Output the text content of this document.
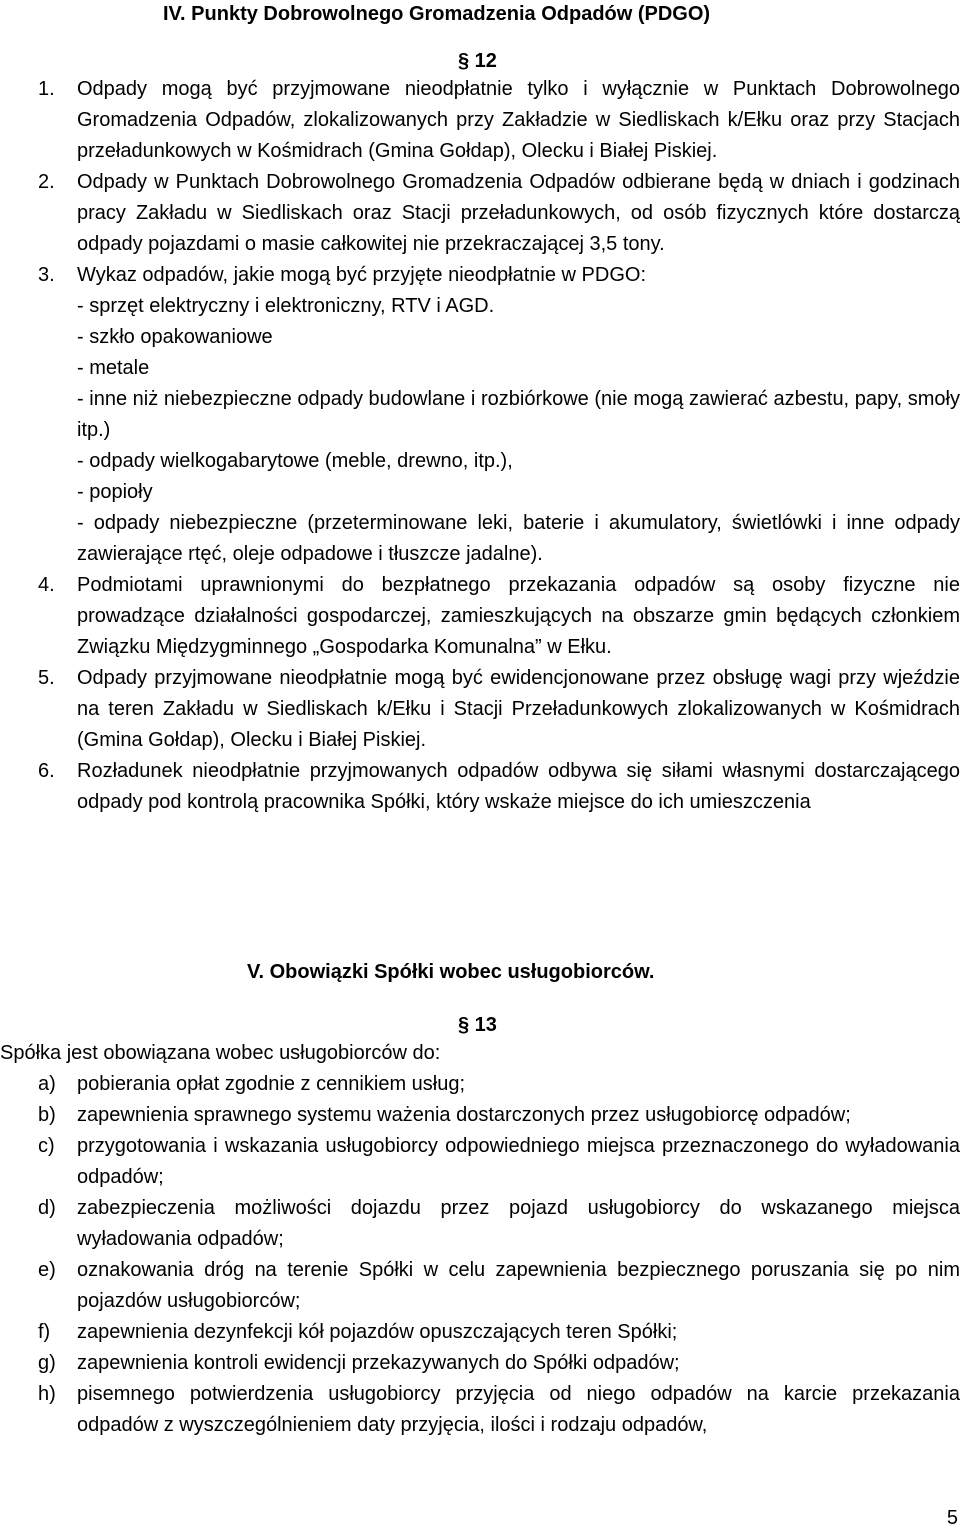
IV. Punkty Dobrowolnego Gromadzenia Odpadów (PDGO)
§ 12
1.	Odpady mogą być przyjmowane nieodpłatnie tylko i wyłącznie w Punktach Dobrowolnego Gromadzenia Odpadów, zlokalizowanych przy Zakładzie w Siedliskach k/Ełku oraz przy Stacjach przeładunkowych w Kośmidrach (Gmina Gołdap), Olecku i Białej Piskiej.
2.	Odpady w Punktach Dobrowolnego Gromadzenia Odpadów odbierane będą w dniach i godzinach pracy Zakładu w Siedliskach oraz Stacji przeładunkowych, od osób fizycznych które dostarczą odpady pojazdami o masie całkowitej nie przekraczającej 3,5 tony.
3.	Wykaz odpadów, jakie mogą być przyjęte nieodpłatnie w PDGO:
- sprzęt elektryczny i elektroniczny, RTV i AGD.
- szkło opakowaniowe
- metale
- inne niż niebezpieczne odpady budowlane i rozbiórkowe (nie mogą zawierać azbestu, papy, smoły itp.)
- odpady wielkogabarytowe (meble, drewno, itp.),
- popioły
- odpady niebezpieczne (przeterminowane leki, baterie i akumulatory, świetlówki i inne odpady zawierające rtęć, oleje odpadowe i tłuszcze jadalne).
4.	Podmiotami uprawnionymi do bezpłatnego przekazania odpadów są osoby fizyczne nie prowadzące działalności gospodarczej, zamieszkujących na obszarze gmin będących członkiem Związku Międzygminnego „Gospodarka Komunalna” w Ełku.
5.	Odpady przyjmowane nieodpłatnie mogą być ewidencjonowane przez obsługę wagi przy wjeździe na teren Zakładu w Siedliskach k/Ełku i Stacji Przeładunkowych zlokalizowanych w Kośmidrach (Gmina Gołdap), Olecku i Białej Piskiej.
6.	Rozładunek nieodpłatnie przyjmowanych odpadów odbywa się siłami własnymi dostarczającego odpady pod kontrolą pracownika Spółki, który wskaże miejsce do ich umieszczenia
V. Obowiązki Spółki wobec usługobiorców.
§ 13
Spółka jest obowiązana wobec usługobiorców do:
a)	pobierania opłat zgodnie z cennikiem usług;
b)	zapewnienia sprawnego systemu ważenia dostarczonych przez usługobiorcę odpadów;
c)	przygotowania i wskazania usługobiorcy odpowiedniego miejsca przeznaczonego do wyładowania odpadów;
d)	zabezpieczenia możliwości dojazdu przez pojazd usługobiorcy do wskazanego miejsca wyładowania odpadów;
e)	oznakowania dróg na terenie Spółki w celu zapewnienia bezpiecznego poruszania się po nim pojazdów usługobiorców;
f)	zapewnienia dezynfekcji kół pojazdów opuszczających teren Spółki;
g)	zapewnienia kontroli ewidencji przekazywanych do Spółki odpadów;
h)	pisemnego potwierdzenia usługobiorcy przyjęcia od niego odpadów na karcie przekazania odpadów z wyszczególnieniem daty przyjęcia, ilości i rodzaju odpadów,
5
